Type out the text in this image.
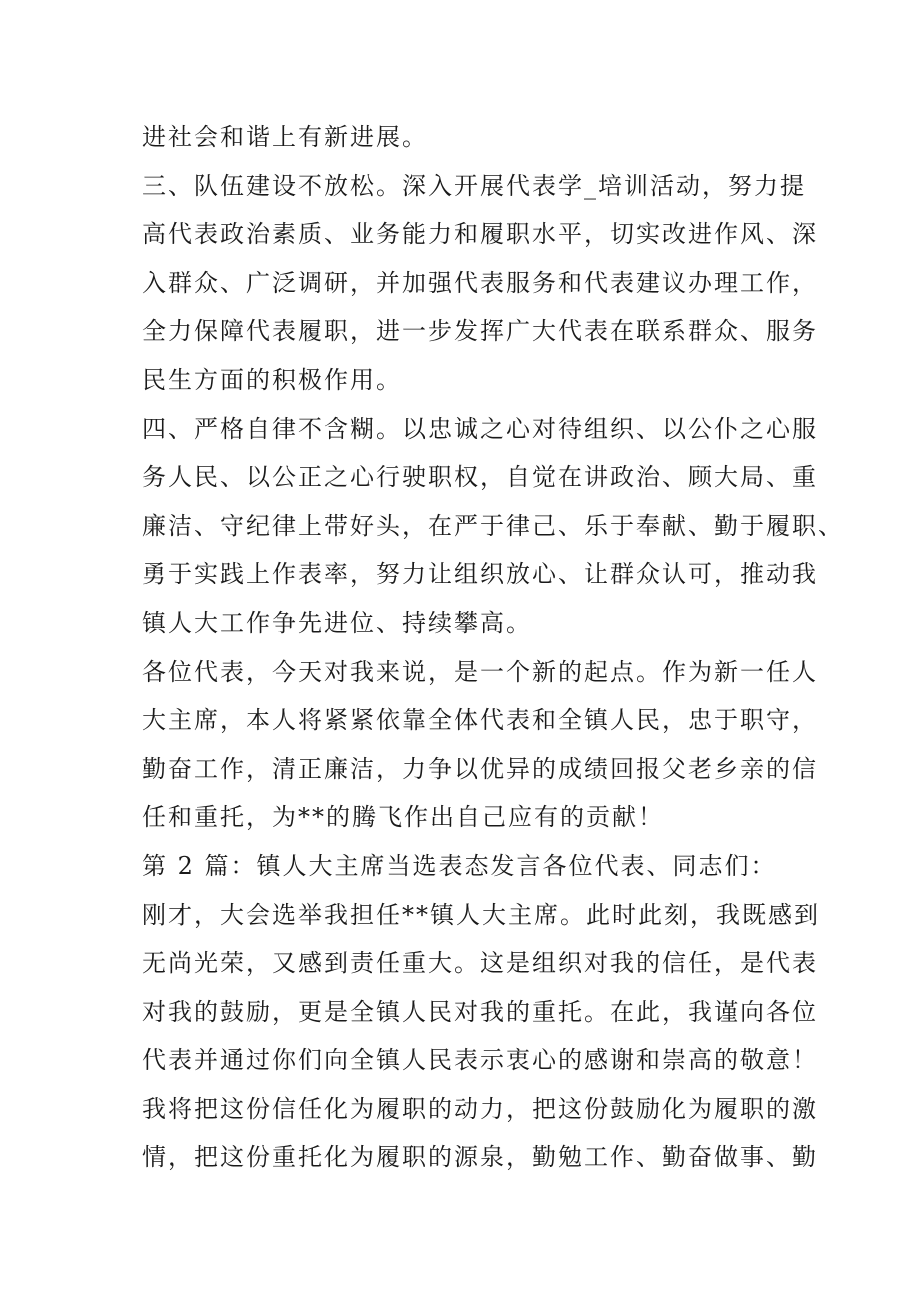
进社会和谐上有新进展。
三、队伍建设不放松。深入开展代表学_培训活动，努力提
高代表政治素质、业务能力和履职水平，切实改进作风、深
入群众、广泛调研，并加强代表服务和代表建议办理工作，
全力保障代表履职，进一步发挥广大代表在联系群众、服务
民生方面的积极作用。
四、严格自律不含糊。以忠诚之心对待组织、以公仆之心服
务人民、以公正之心行驶职权，自觉在讲政治、顾大局、重
廉洁、守纪律上带好头，在严于律己、乐于奉献、勤于履职、
勇于实践上作表率，努力让组织放心、让群众认可，推动我
镇人大工作争先进位、持续攀高。
各位代表，今天对我来说，是一个新的起点。作为新一任人
大主席，本人将紧紧依靠全体代表和全镇人民，忠于职守，
勤奋工作，清正廉洁，力争以优异的成绩回报父老乡亲的信
任和重托，为**的腾飞作出自己应有的贡献！
第 2 篇：镇人大主席当选表态发言各位代表、同志们：
刚才，大会选举我担任**镇人大主席。此时此刻，我既感到
无尚光荣，又感到责任重大。这是组织对我的信任，是代表
对我的鼓励，更是全镇人民对我的重托。在此，我谨向各位
代表并通过你们向全镇人民表示衷心的感谢和崇高的敬意！
我将把这份信任化为履职的动力，把这份鼓励化为履职的激
情，把这份重托化为履职的源泉，勤勉工作、勤奋做事、勤
